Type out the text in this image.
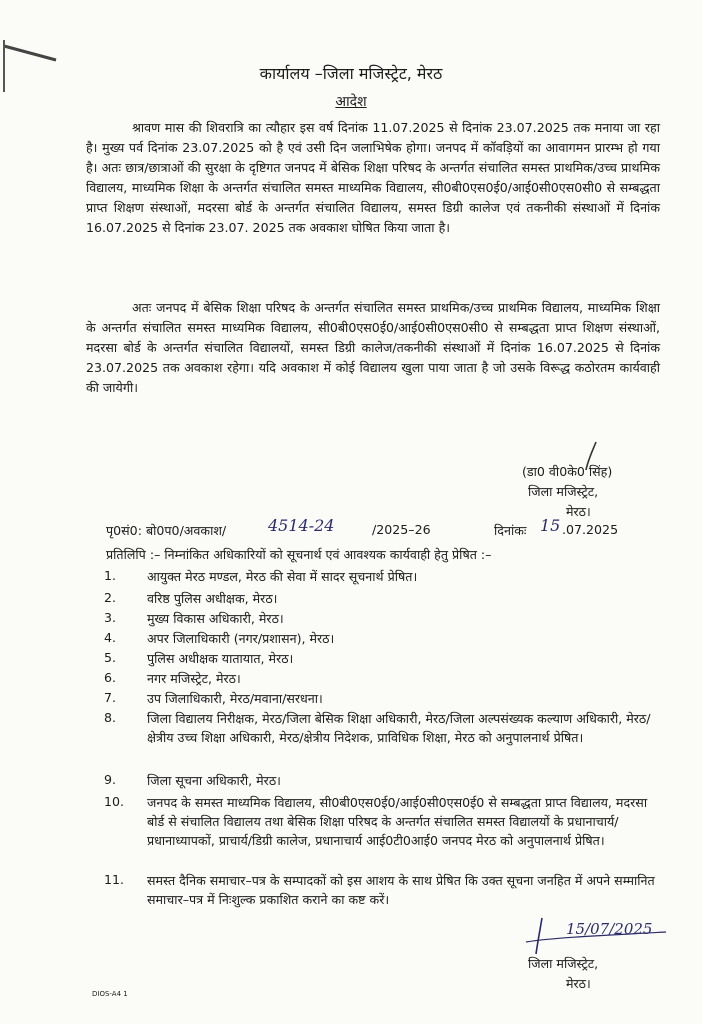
कार्यालय –जिला मजिस्ट्रेट, मेरठ
आदेश
श्रावण मास की शिवरात्रि का त्यौहार इस वर्ष दिनांक 11.07.2025 से दिनांक 23.07.2025 तक मनाया जा रहा है। मुख्य पर्व दिनांक 23.07.2025 को है एवं उसी दिन जलाभिषेक होगा। जनपद में कॉवड़ियों का आवागमन प्रारम्भ हो गया है। अतः छात्र/छात्राओं की सुरक्षा के दृष्टिगत जनपद में बेसिक शिक्षा परिषद के अन्तर्गत संचालित समस्त प्राथमिक/उच्च प्राथमिक विद्यालय, माध्यमिक शिक्षा के अन्तर्गत संचालित समस्त माध्यमिक विद्यालय, सी0बी0एस0ई0/आई0सी0एस0सी0 से सम्बद्धता प्राप्त शिक्षण संस्थाओं, मदरसा बोर्ड के अन्तर्गत संचालित विद्यालय, समस्त डिग्री कालेज एवं तकनीकी संस्थाओं में दिनांक 16.07.2025 से दिनांक 23.07. 2025 तक अवकाश घोषित किया जाता है।
अतः जनपद में बेसिक शिक्षा परिषद के अन्तर्गत संचालित समस्त प्राथमिक/उच्च प्राथमिक विद्यालय, माध्यमिक शिक्षा के अन्तर्गत संचालित समस्त माध्यमिक विद्यालय, सी0बी0एस0ई0/आई0सी0एस0सी0 से सम्बद्धता प्राप्त शिक्षण संस्थाओं, मदरसा बोर्ड के अन्तर्गत संचालित विद्यालयों, समस्त डिग्री कालेज/तकनीकी संस्थाओं में दिनांक 16.07.2025 से दिनांक 23.07.2025 तक अवकाश रहेगा। यदि अवकाश में कोई विद्यालय खुला पाया जाता है जो उसके विरूद्ध कठोरतम कार्यवाही की जायेगी।
(डा0 वी0के0 सिंह)
जिला मजिस्ट्रेट,
मेरठ।
पृ0सं0: बो0प0/अवकाश/	4514-24	/2025–26	दिनांकः 15 .07.2025
प्रतिलिपि :– निम्नांकित अधिकारियों को सूचनार्थ एवं आवश्यक कार्यवाही हेतु प्रेषित :–
1.	आयुक्त मेरठ मण्डल, मेरठ की सेवा में सादर सूचनार्थ प्रेषित।
2.	वरिष्ठ पुलिस अधीक्षक, मेरठ।
3.	मुख्य विकास अधिकारी, मेरठ।
4.	अपर जिलाधिकारी (नगर/प्रशासन), मेरठ।
5.	पुलिस अधीक्षक यातायात, मेरठ।
6.	नगर मजिस्ट्रेट, मेरठ।
7.	उप जिलाधिकारी, मेरठ/मवाना/सरधना।
8.	जिला विद्यालय निरीक्षक, मेरठ/जिला बेसिक शिक्षा अधिकारी, मेरठ/जिला अल्पसंख्यक कल्याण अधिकारी, मेरठ/क्षेत्रीय उच्च शिक्षा अधिकारी, मेरठ/क्षेत्रीय निदेशक, प्राविधिक शिक्षा, मेरठ को अनुपालनार्थ प्रेषित।
9.	जिला सूचना अधिकारी, मेरठ।
10.	जनपद के समस्त माध्यमिक विद्यालय, सी0बी0एस0ई0/आई0सी0एस0ई0 से सम्बद्धता प्राप्त विद्यालय, मदरसा बोर्ड से संचालित विद्यालय तथा बेसिक शिक्षा परिषद के अन्तर्गत संचालित समस्त विद्यालयों के प्रधानाचार्य/प्रधानाध्यापकों, प्राचार्य/डिग्री कालेज, प्रधानाचार्य आई0टी0आई0 जनपद मेरठ को अनुपालनार्थ प्रेषित।
11.	समस्त दैनिक समाचार–पत्र के सम्पादकों को इस आशय के साथ प्रेषित कि उक्त सूचना जनहित में अपने सम्मानित समाचार–पत्र में निःशुल्क प्रकाशित कराने का कष्ट करें।
15/07/2025
जिला मजिस्ट्रेट,
मेरठ।
DIOS-A4 1
